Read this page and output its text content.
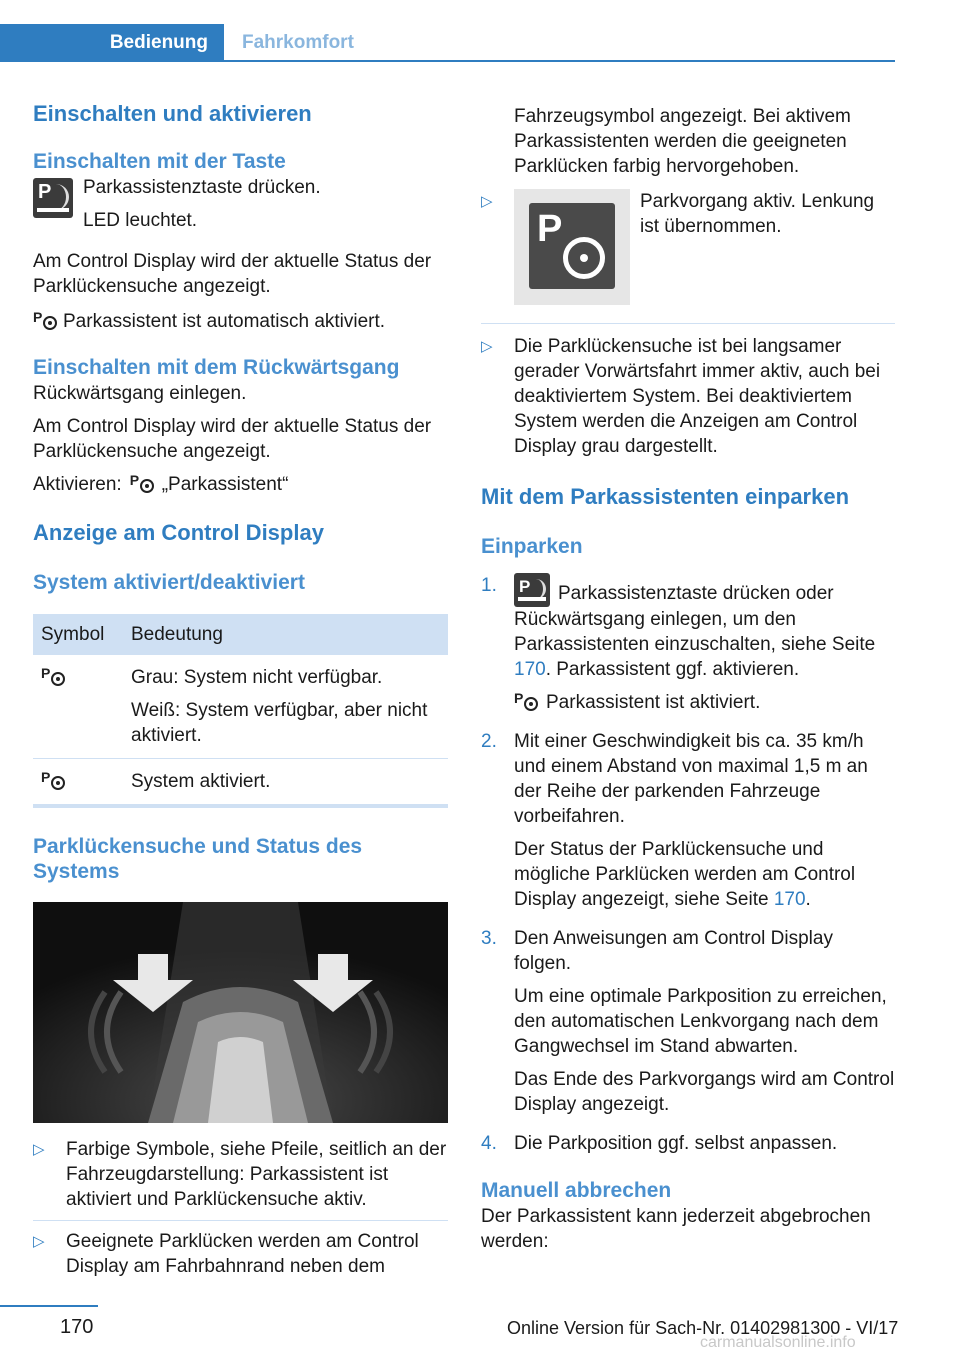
Bedienung	Fahrkomfort
Einschalten und aktivieren
Einschalten mit der Taste
P Parkassistenztaste drücken.

LED leuchtet.

Am Control Display wird der aktuelle Status der Parklückensuche angezeigt.

P Parkassistent ist automatisch aktiviert.
Einschalten mit dem Rückwärtsgang

Rückwärtsgang einlegen.

Am Control Display wird der aktuelle Status der Parklückensuche angezeigt.

Aktivieren: P „Parkassistent“
Anzeige am Control Display
System aktiviert/deaktiviert
Symbol	Bedeutung

P	Grau: System nicht verfügbar.

Weiß: System verfügbar, aber nicht aktiviert.

P	System aktiviert.
Parklückensuche und Status des Systems
▷	Farbige Symbole, siehe Pfeile, seitlich an der Fahrzeugdarstellung: Parkassistent ist aktiviert und Parklückensuche aktiv.
▷	Geeignete Parklücken werden am Control Display am Fahrbahnrand neben dem
Fahrzeugsymbol angezeigt. Bei aktivem Parkassistenten werden die geeigneten Parklücken farbig hervorgehoben.
▷
P
Parkvorgang aktiv. Lenkung ist übernommen.
▷	Die Parklückensuche ist bei langsamer gerader Vorwärtsfahrt immer aktiv, auch bei deaktiviertem System. Bei deaktiviertem System werden die Anzeigen am Control Display grau dargestellt.
Mit dem Parkassistenten einparken
Einparken
1.	P Parkassistenztaste drücken oder Rückwärtsgang einlegen, um den Parkassistenten einzuschalten, siehe Seite 170. Parkassistent ggf. aktivieren.
P Parkassistent ist aktiviert.
2. Mit einer Geschwindigkeit bis ca. 35 km/h und einem Abstand von maximal 1,5 m an der Reihe der parkenden Fahrzeuge vorbeifahren.
Der Status der Parklückensuche und mögliche Parklücken werden am Control Display angezeigt, siehe Seite 170.
3. Den Anweisungen am Control Display folgen.
Um eine optimale Parkposition zu erreichen, den automatischen Lenkvorgang nach dem Gangwechsel im Stand abwarten.
Das Ende des Parkvorgangs wird am Control Display angezeigt.
4. Die Parkposition ggf. selbst anpassen.
Manuell abbrechen

Der Parkassistent kann jederzeit abgebrochen werden:

170	Online Version für Sach-Nr. 01402981300 - VI/17
carmanualsonline.info
